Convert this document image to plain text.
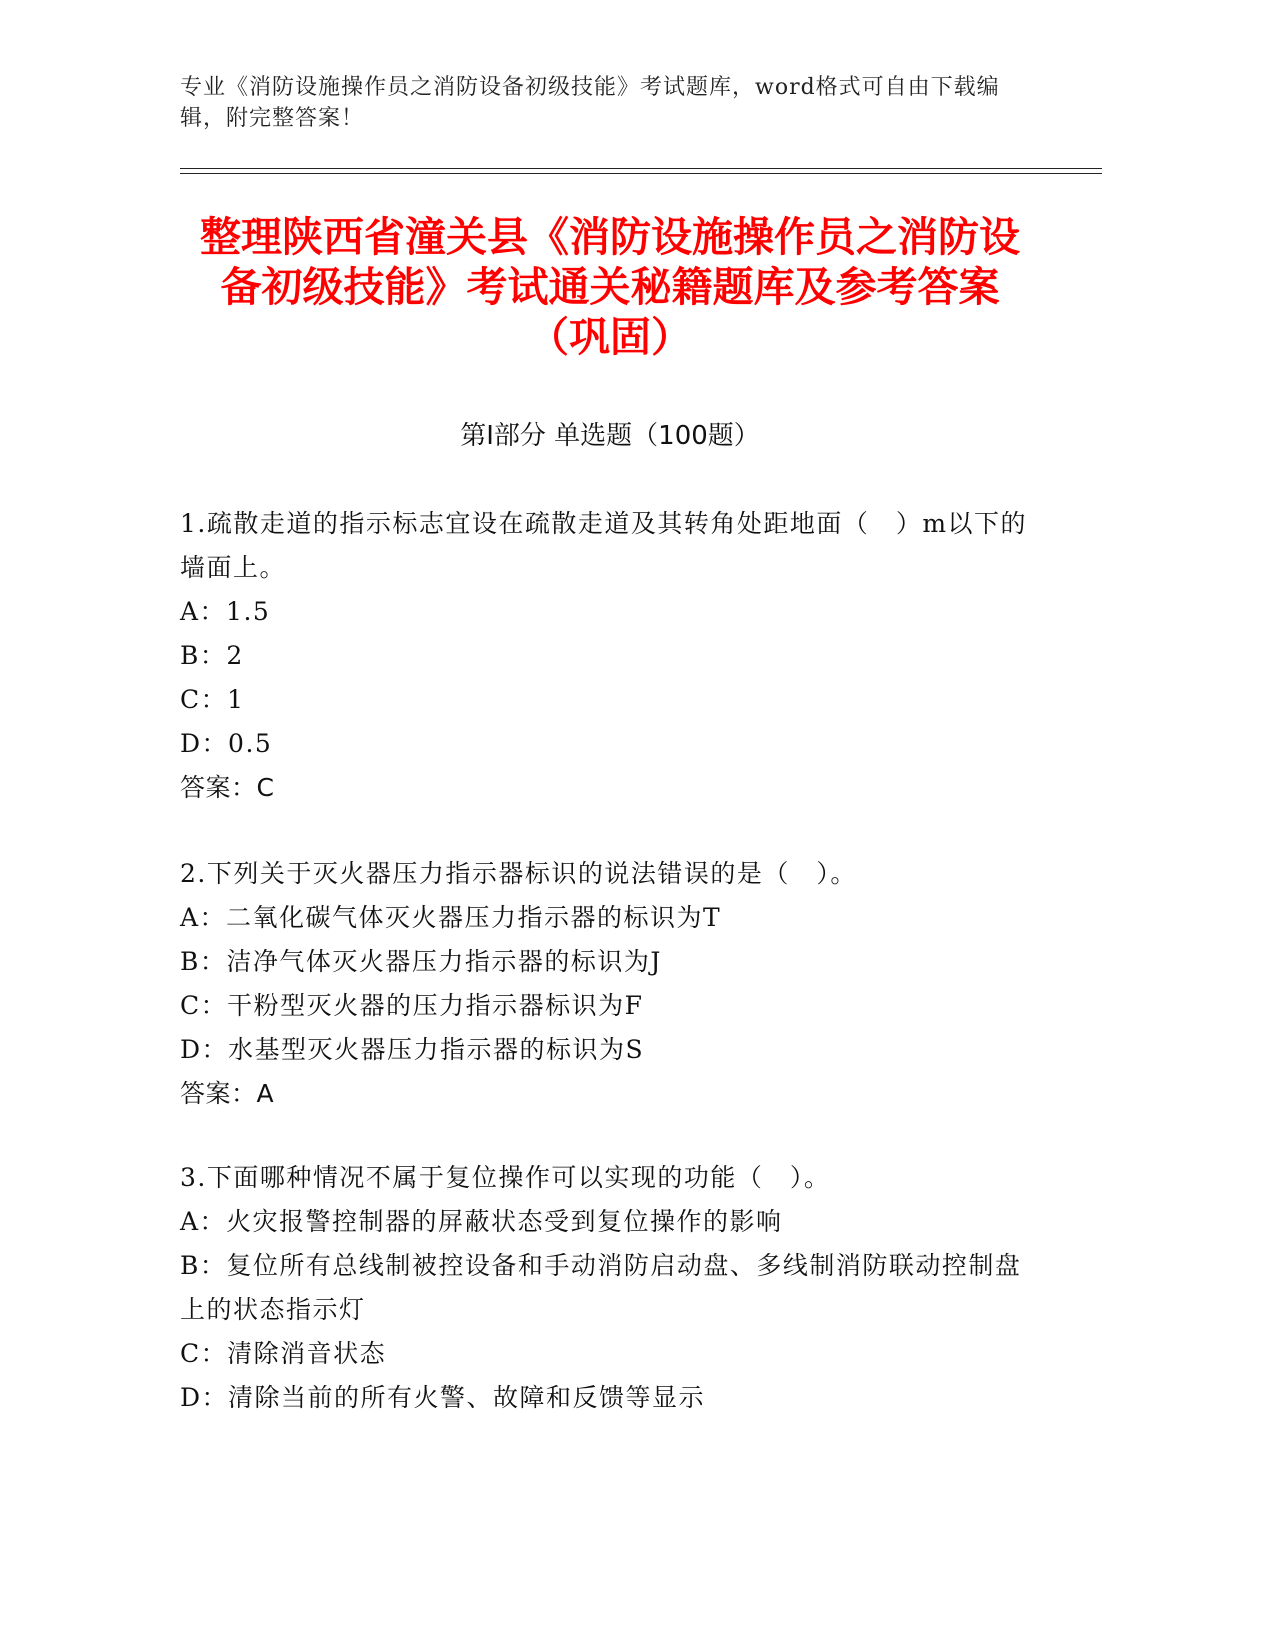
专业《消防设施操作员之消防设备初级技能》考试题库，word格式可自由下载编辑，附完整答案！
整理陕西省潼关县《消防设施操作员之消防设备初级技能》考试通关秘籍题库及参考答案（巩固）
第Ⅰ部分 单选题（100题）
1.疏散走道的指示标志宜设在疏散走道及其转角处距地面（　）m以下的墙面上。
A：1.5
B：2
C：1
D：0.5
答案：C
2.下列关于灭火器压力指示器标识的说法错误的是（　）。
A：二氧化碳气体灭火器压力指示器的标识为T
B：洁净气体灭火器压力指示器的标识为J
C：干粉型灭火器的压力指示器标识为F
D：水基型灭火器压力指示器的标识为S
答案：A
3.下面哪种情况不属于复位操作可以实现的功能（　）。
A：火灾报警控制器的屏蔽状态受到复位操作的影响
B：复位所有总线制被控设备和手动消防启动盘、多线制消防联动控制盘上的状态指示灯
C：清除消音状态
D：清除当前的所有火警、故障和反馈等显示
